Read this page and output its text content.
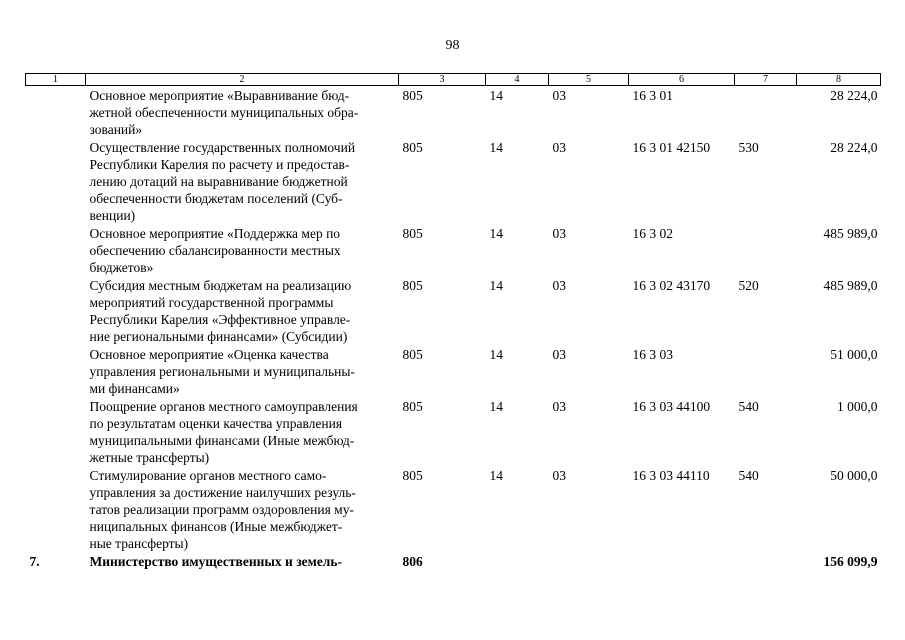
98
1	2	3	4	5	6	7	8

	Основное мероприятие «Выравнивание бюд-
жетной обеспеченности муниципальных обра-
зований»	805	14	03	16 3 01		28 224,0

	Осуществление государственных полномочий
Республики Карелия по расчету и предостав-
лению дотаций на выравнивание бюджетной
обеспеченности бюджетам поселений (Суб-
венции)	805	14	03	16 3 01 42150	530	28 224,0

	Основное мероприятие «Поддержка мер по
обеспечению сбалансированности местных
бюджетов»	805	14	03	16 3 02		485 989,0

	Субсидия местным бюджетам на реализацию
мероприятий государственной программы
Республики Карелия «Эффективное управле-
ние региональными финансами» (Субсидии)	805	14	03	16 3 02 43170	520	485 989,0

	Основное мероприятие «Оценка качества
управления региональными и муниципальны-
ми финансами»	805	14	03	16 3 03		51 000,0

	Поощрение органов местного самоуправления
по результатам оценки качества управления
муниципальными финансами (Иные межбюд-
жетные трансферты)	805	14	03	16 3 03 44100	540	1 000,0

	Стимулирование органов местного само-
управления за достижение наилучших резуль-
татов реализации программ оздоровления му-
ниципальных финансов (Иные межбюджет-
ные трансферты)	805	14	03	16 3 03 44110	540	50 000,0
7.	Министерство имущественных и земель-	806					156 099,9
